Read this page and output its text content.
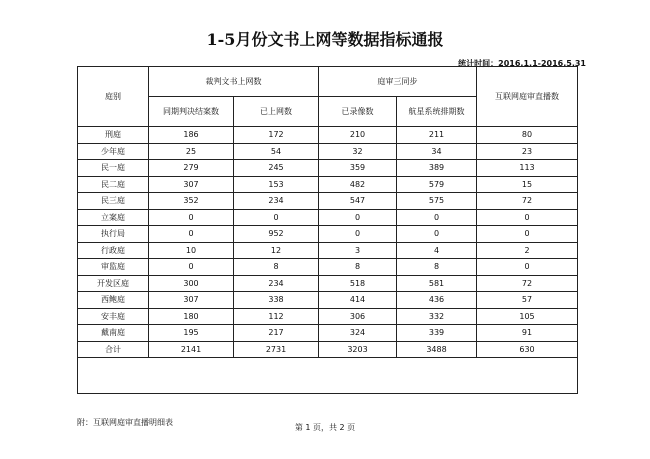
1-5月份文书上网等数据指标通报
统计时间：2016.1.1-2016.5.31
庭别	裁判文书上网数		庭审三同步		互联网庭审直播数
	同期判决结案数	已上网数	已录像数	航星系统排期数	
刑庭	186	172	210	211	80
少年庭	25	54	32	34	23
民一庭	279	245	359	389	113
民二庭	307	153	482	579	15
民三庭	352	234	547	575	72
立案庭	0	0	0	0	0
执行局	0	952	0	0	0
行政庭	10	12	3	4	2
审监庭	0	8	8	8	0
开发区庭	300	234	518	581	72
西鲍庭	307	338	414	436	57
安丰庭	180	112	306	332	105
戴南庭	195	217	324	339	91
合计	2141	2731	3203	3488	630

附：互联网庭审直播明细表
第 1 页，共 2 页
